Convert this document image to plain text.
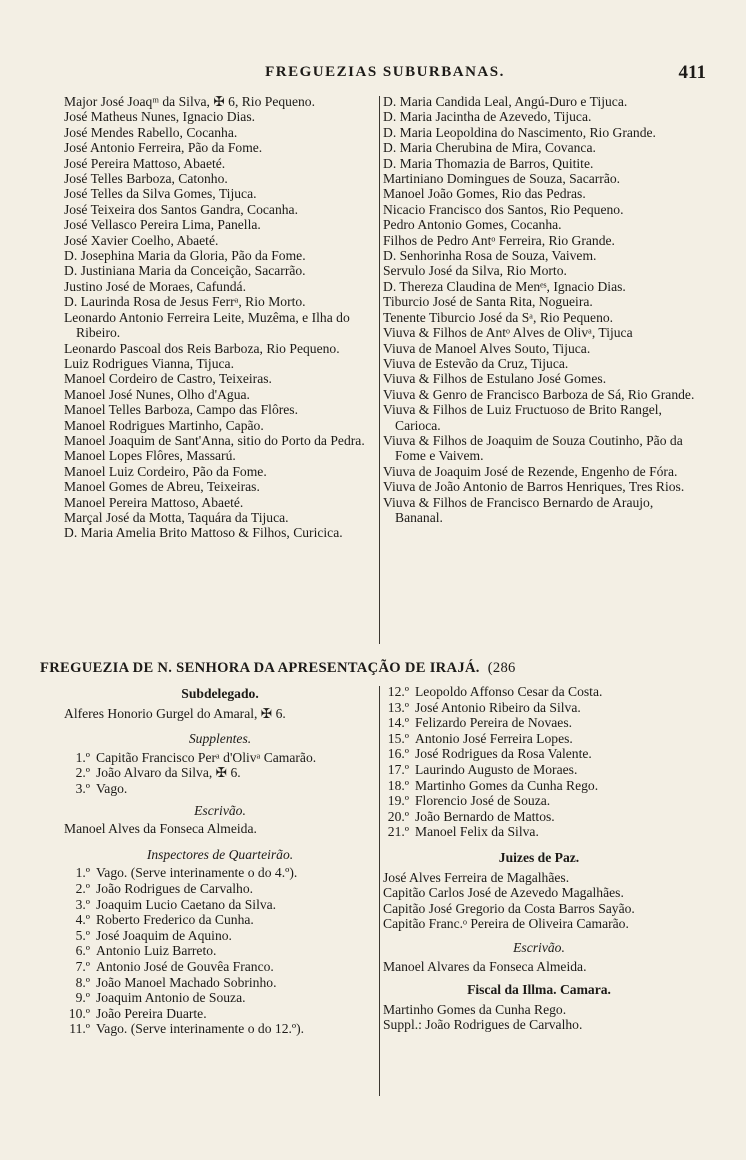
FREGUEZIAS SUBURBANAS.	411
Major José Joaqᵐ da Silva, ✠ 6, Rio Pequeno.
José Matheus Nunes, Ignacio Dias.
José Mendes Rabello, Cocanha.
José Antonio Ferreira, Pão da Fome.
José Pereira Mattoso, Abaeté.
José Telles Barboza, Catonho.
José Telles da Silva Gomes, Tijuca.
José Teixeira dos Santos Gandra, Cocanha.
José Vellasco Pereira Lima, Panella.
José Xavier Coelho, Abaeté.
D. Josephina Maria da Gloria, Pão da Fome.
D. Justiniana Maria da Conceição, Sacarrão.
Justino José de Moraes, Cafundá.
D. Laurinda Rosa de Jesus Ferrᵃ, Rio Morto.
Leonardo Antonio Ferreira Leite, Muzêma, e Ilha do Ribeiro.
Leonardo Pascoal dos Reis Barboza, Rio Pequeno.
Luiz Rodrigues Vianna, Tijuca.
Manoel Cordeiro de Castro, Teixeiras.
Manoel José Nunes, Olho d'Agua.
Manoel Telles Barboza, Campo das Flôres.
Manoel Rodrigues Martinho, Capão.
Manoel Joaquim de Sant'Anna, sitio do Porto da Pedra.
Manoel Lopes Flôres, Massarú.
Manoel Luiz Cordeiro, Pão da Fome.
Manoel Gomes de Abreu, Teixeiras.
Manoel Pereira Mattoso, Abaeté.
Marçal José da Motta, Taquára da Tijuca.
D. Maria Amelia Brito Mattoso & Filhos, Curicica.
D. Maria Candida Leal, Angú-Duro e Tijuca.
D. Maria Jacintha de Azevedo, Tijuca.
D. Maria Leopoldina do Nascimento, Rio Grande.
D. Maria Cherubina de Mira, Covanca.
D. Maria Thomazia de Barros, Quitite.
Martiniano Domingues de Souza, Sacarrão.
Manoel João Gomes, Rio das Pedras.
Nicacio Francisco dos Santos, Rio Pequeno.
Pedro Antonio Gomes, Cocanha.
Filhos de Pedro Antᵒ Ferreira, Rio Grande.
D. Senhorinha Rosa de Souza, Vaivem.
Servulo José da Silva, Rio Morto.
D. Thereza Claudina de Menᵉˢ, Ignacio Dias.
Tiburcio José de Santa Rita, Nogueira.
Tenente Tiburcio José da Sᵃ, Rio Pequeno.
Viuva & Filhos de Antᵒ Alves de Olivᵃ, Tijuca
Viuva de Manoel Alves Souto, Tijuca.
Viuva de Estevão da Cruz, Tijuca.
Viuva & Filhos de Estulano José Gomes.
Viuva & Genro de Francisco Barboza de Sá, Rio Grande.
Viuva & Filhos de Luiz Fructuoso de Brito Rangel, Carioca.
Viuva & Filhos de Joaquim de Souza Coutinho, Pão da Fome e Vaivem.
Viuva de Joaquim José de Rezende, Engenho de Fóra.
Viuva de João Antonio de Barros Henriques, Tres Rios.
Viuva & Filhos de Francisco Bernardo de Araujo, Bananal.
FREGUEZIA DE N. SENHORA DA APRESENTAÇÃO DE IRAJÁ. (286
Subdelegado.
Alferes Honorio Gurgel do Amaral, ✠ 6.
Supplentes.
1.º Capitão Francisco Perᵃ d'Olivᵃ Camarão.
2.º João Alvaro da Silva, ✠ 6.
3.º Vago.
Escrivão.
Manoel Alves da Fonseca Almeida.
Inspectores de Quarteirão.
1.º Vago. (Serve interinamente o do 4.º).
2.º João Rodrigues de Carvalho.
3.º Joaquim Lucio Caetano da Silva.
4.º Roberto Frederico da Cunha.
5.º José Joaquim de Aquino.
6.º Antonio Luiz Barreto.
7.º Antonio José de Gouvêa Franco.
8.º João Manoel Machado Sobrinho.
9.º Joaquim Antonio de Souza.
10.º João Pereira Duarte.
11.º Vago. (Serve interinamente o do 12.º).
12.º Leopoldo Affonso Cesar da Costa.
13.º José Antonio Ribeiro da Silva.
14.º Felizardo Pereira de Novaes.
15.º Antonio José Ferreira Lopes.
16.º José Rodrigues da Rosa Valente.
17.º Laurindo Augusto de Moraes.
18.º Martinho Gomes da Cunha Rego.
19.º Florencio José de Souza.
20.º João Bernardo de Mattos.
21.º Manoel Felix da Silva.
Juizes de Paz.
José Alves Ferreira de Magalhães.
Capitão Carlos José de Azevedo Magalhães.
Capitão José Gregorio da Costa Barros Sayão.
Capitão Franc.ᵒ Pereira de Oliveira Camarão.
Escrivão.
Manoel Alvares da Fonseca Almeida.
Fiscal da Illma. Camara.
Martinho Gomes da Cunha Rego.
Suppl.: João Rodrigues de Carvalho.
